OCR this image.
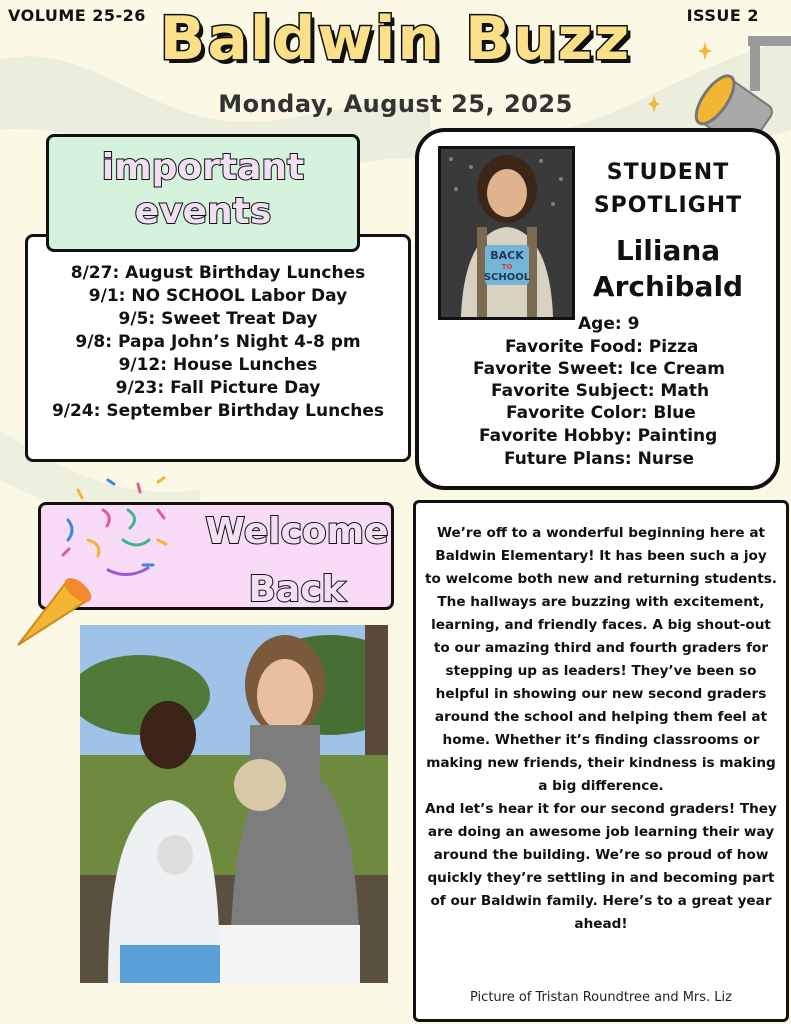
VOLUME 25-26	ISSUE 2
Baldwin Buzz
Monday, August 25, 2025
important
events
8/27: August Birthday Lunches
9/1: NO SCHOOL Labor Day
9/5: Sweet Treat Day
9/8: Papa John’s Night 4-8 pm
9/12: House Lunches
9/23: Fall Picture Day
9/24: September Birthday Lunches
BACK
TO
SCHOOL
STUDENT
SPOTLIGHT
Liliana
Archibald
Age: 9
Favorite Food: Pizza
Favorite Sweet: Ice Cream
Favorite Subject: Math
Favorite Color: Blue
Favorite Hobby: Painting
Future Plans: Nurse
Welcome
Back

We’re off to a wonderful beginning here at Baldwin Elementary! It has been such a joy to welcome both new and returning students. The hallways are buzzing with excitement, learning, and friendly faces. A big shout-out to our amazing third and fourth graders for stepping up as leaders! They’ve been so helpful in showing our new second graders around the school and helping them feel at home. Whether it’s finding classrooms or making new friends, their kindness is making a big difference.

And let’s hear it for our second graders! They are doing an awesome job learning their way around the building. We’re so proud of how quickly they’re settling in and becoming part of our Baldwin family. Here’s to a great year ahead!

Picture of Tristan Roundtree and Mrs. Liz
